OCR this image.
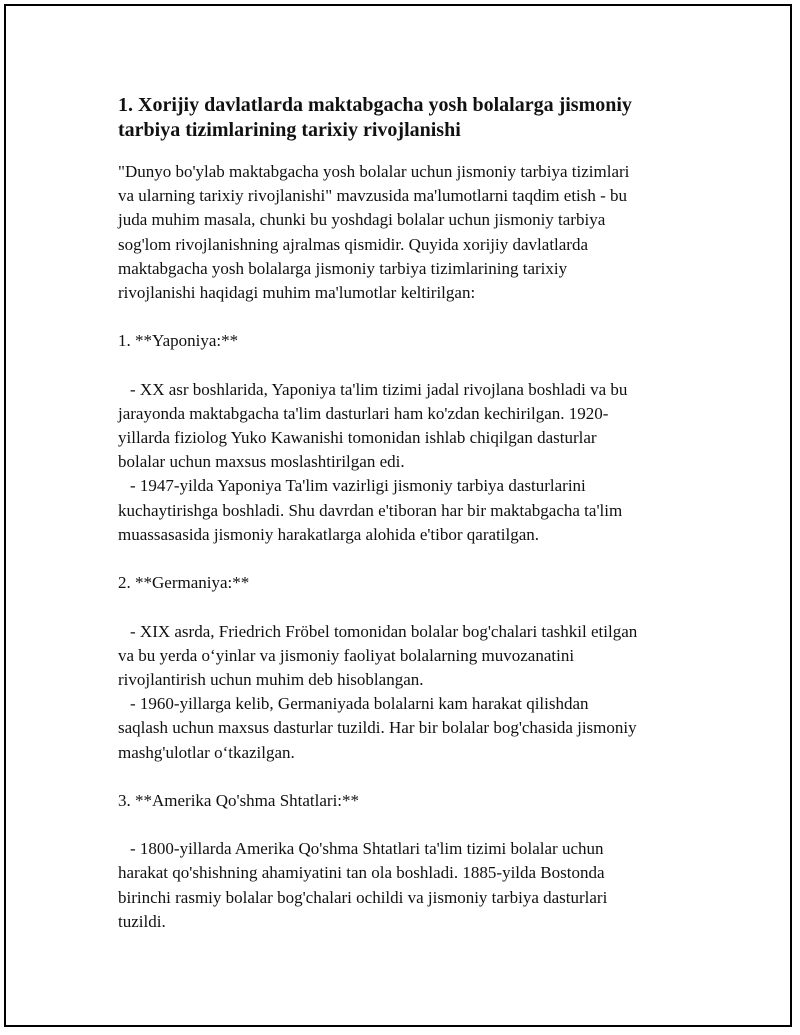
1. Xorijiy davlatlarda maktabgacha yosh bolalarga jismoniy
tarbiya tizimlarining tarixiy rivojlanishi
"Dunyo bo'ylab maktabgacha yosh bolalar uchun jismoniy tarbiya tizimlari
va ularning tarixiy rivojlanishi" mavzusida ma'lumotlarni taqdim etish - bu
juda muhim masala, chunki bu yoshdagi bolalar uchun jismoniy tarbiya
sog'lom rivojlanishning ajralmas qismidir. Quyida xorijiy davlatlarda
maktabgacha yosh bolalarga jismoniy tarbiya tizimlarining tarixiy
rivojlanishi haqidagi muhim ma'lumotlar keltirilgan:
1. **Yaponiya:**
- XX asr boshlarida, Yaponiya ta'lim tizimi jadal rivojlana boshladi va bu
jarayonda maktabgacha ta'lim dasturlari ham ko'zdan kechirilgan. 1920-
yillarda fiziolog Yuko Kawanishi tomonidan ishlab chiqilgan dasturlar
bolalar uchun maxsus moslashtirilgan edi.
- 1947-yilda Yaponiya Ta'lim vazirligi jismoniy tarbiya dasturlarini
kuchaytirishga boshladi. Shu davrdan e'tiboran har bir maktabgacha ta'lim
muassasasida jismoniy harakatlarga alohida e'tibor qaratilgan.
2. **Germaniya:**
- XIX asrda, Friedrich Fröbel tomonidan bolalar bog'chalari tashkil etilgan
va bu yerda o‘yinlar va jismoniy faoliyat bolalarning muvozanatini
rivojlantirish uchun muhim deb hisoblangan.
- 1960-yillarga kelib, Germaniyada bolalarni kam harakat qilishdan
saqlash uchun maxsus dasturlar tuzildi. Har bir bolalar bog'chasida jismoniy
mashg'ulotlar o‘tkazilgan.
3. **Amerika Qo'shma Shtatlari:**
- 1800-yillarda Amerika Qo'shma Shtatlari ta'lim tizimi bolalar uchun
harakat qo'shishning ahamiyatini tan ola boshladi. 1885-yilda Bostonda
birinchi rasmiy bolalar bog'chalari ochildi va jismoniy tarbiya dasturlari
tuzildi.
